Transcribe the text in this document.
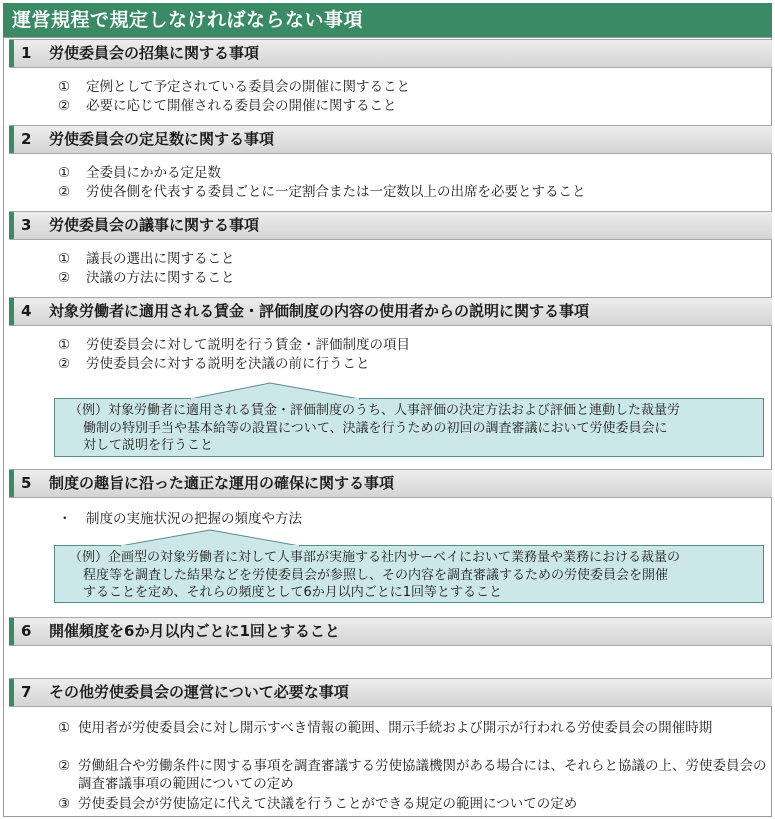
運営規程で規定しなければならない事項
1 労使委員会の招集に関する事項
① 定例として予定されている委員会の開催に関すること
② 必要に応じて開催される委員会の開催に関すること
2 労使委員会の定足数に関する事項
① 全委員にかかる定足数
② 労使各側を代表する委員ごとに一定割合または一定数以上の出席を必要とすること
3 労使委員会の議事に関する事項
① 議長の選出に関すること
② 決議の方法に関すること
4 対象労働者に適用される賃金・評価制度の内容の使用者からの説明に関する事項
① 労使委員会に対して説明を行う賃金・評価制度の項目
② 労使委員会に対する説明を決議の前に行うこと
（例）対象労働者に適用される賃金・評価制度のうち、人事評価の決定方法および評価と連動した裁量労
働制の特別手当や基本給等の設置について、決議を行うための初回の調査審議において労使委員会に
対して説明を行うこと
5 制度の趣旨に沿った適正な運用の確保に関する事項
・ 制度の実施状況の把握の頻度や方法
（例）企画型の対象労働者に対して人事部が実施する社内サーベイにおいて業務量や業務における裁量の
程度等を調査した結果などを労使委員会が参照し、その内容を調査審議するための労使委員会を開催
することを定め、それらの頻度として6か月以内ごとに1回等とすること
6 開催頻度を6か月以内ごとに1回とすること
7 その他労使委員会の運営について必要な事項
① 使用者が労使委員会に対し開示すべき情報の範囲、開示手続および開示が行われる労使委員会の開催時期
② 労働組合や労働条件に関する事項を調査審議する労使協議機関がある場合には、それらと協議の上、労使委員会の調査審議事項の範囲についての定め
③ 労使委員会が労使協定に代えて決議を行うことができる規定の範囲についての定め
